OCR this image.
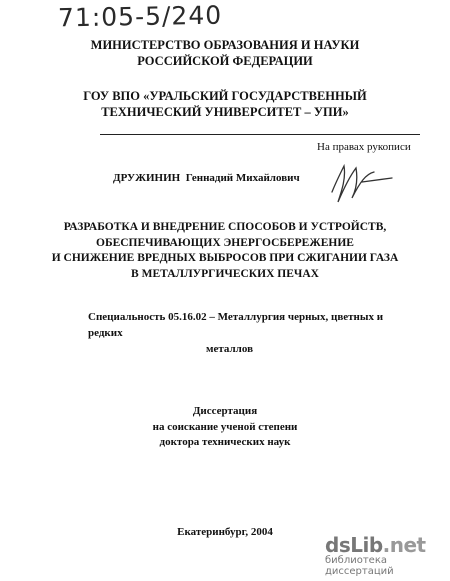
71:05-5/240
МИНИСТЕРСТВО ОБРАЗОВАНИЯ И НАУКИ
РОССИЙСКОЙ ФЕДЕРАЦИИ
ГОУ ВПО «УРАЛЬСКИЙ ГОСУДАРСТВЕННЫЙ
ТЕХНИЧЕСКИЙ УНИВЕРСИТЕТ – УПИ»
На правах рукописи
ДРУЖИНИН Геннадий Михайлович
РАЗРАБОТКА И ВНЕДРЕНИЕ СПОСОБОВ И УСТРОЙСТВ,
ОБЕСПЕЧИВАЮЩИХ ЭНЕРГОСБЕРЕЖЕНИЕ
И СНИЖЕНИЕ ВРЕДНЫХ ВЫБРОСОВ ПРИ СЖИГАНИИ ГАЗА
В МЕТАЛЛУРГИЧЕСКИХ ПЕЧАХ
Специальность 05.16.02 – Металлургия черных, цветных и редких
металлов
Диссертация
на соискание ученой степени
доктора технических наук
Екатеринбург, 2004
dsLib.net
библиотека диссертаций
